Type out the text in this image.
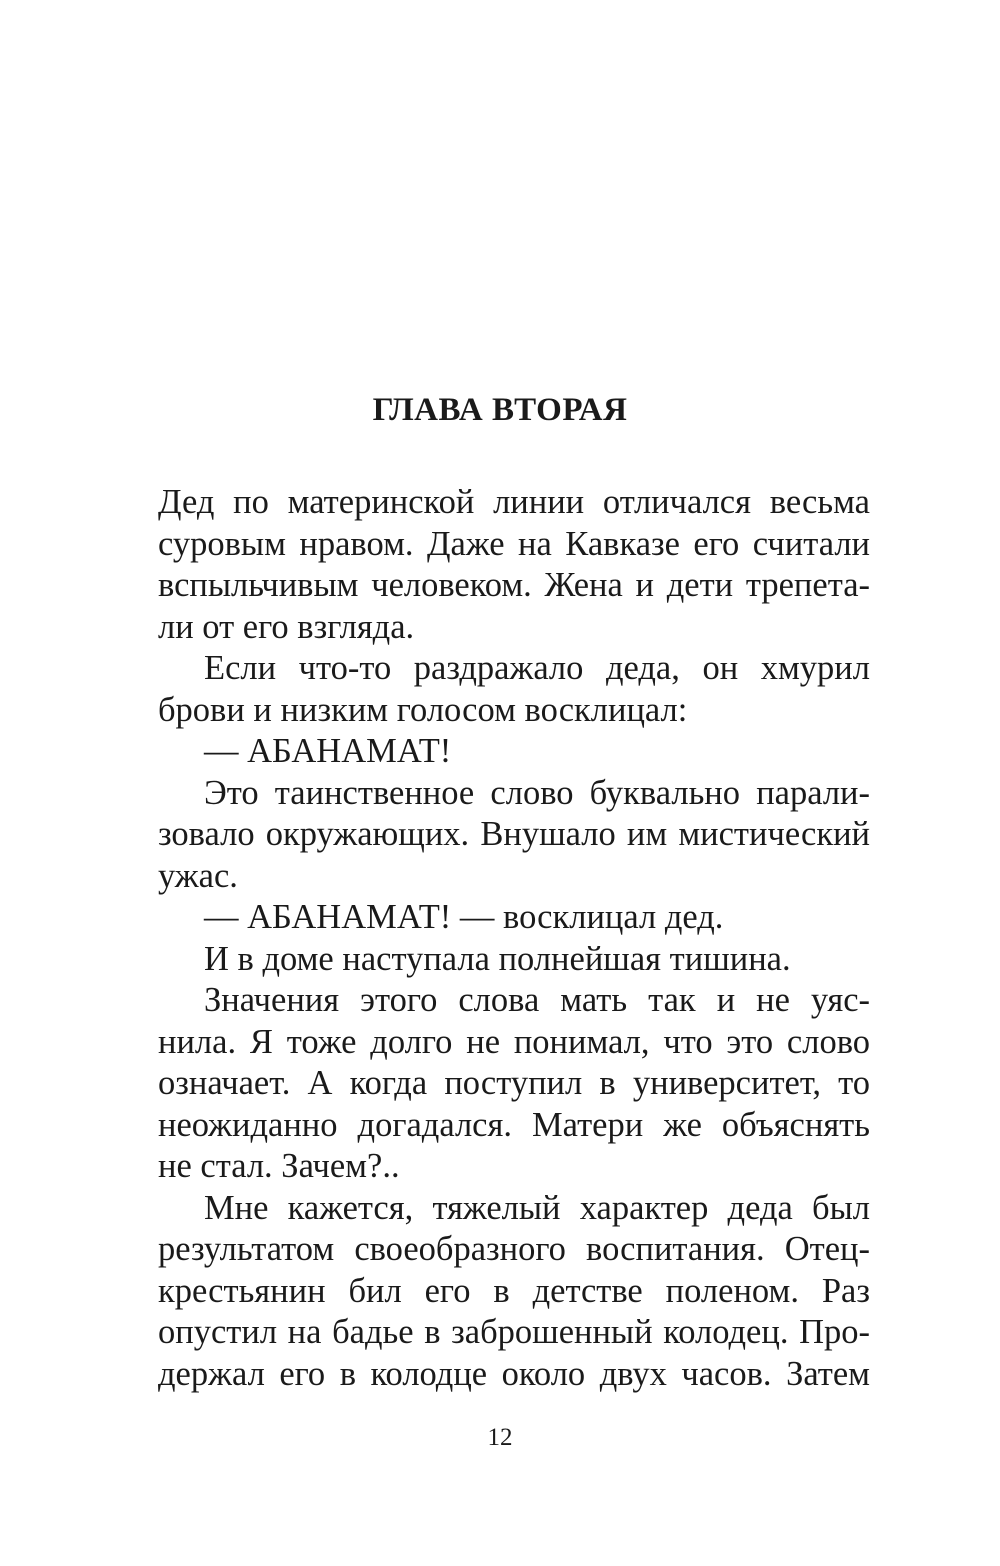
ГЛАВА ВТОРАЯ
Дед по материнской линии отличался весьма
суровым нравом. Даже на Кавказе его считали
вспыльчивым человеком. Жена и дети трепета-
ли от его взгляда.
Если что-то раздражало деда, он хмурил
брови и низким голосом восклицал:
— АБАНАМАТ!
Это таинственное слово буквально парали-
зовало окружающих. Внушало им мистический
ужас.
— АБАНАМАТ! — восклицал дед.
И в доме наступала полнейшая тишина.
Значения этого слова мать так и не уяс-
нила. Я тоже долго не понимал, что это слово
означает. А когда поступил в университет, то
неожиданно догадался. Матери же объяснять
не стал. Зачем?..
Мне кажется, тяжелый характер деда был
результатом своеобразного воспитания. Отец-
крестьянин бил его в детстве поленом. Раз
опустил на бадье в заброшенный колодец. Про-
держал его в колодце около двух часов. Затем
12
